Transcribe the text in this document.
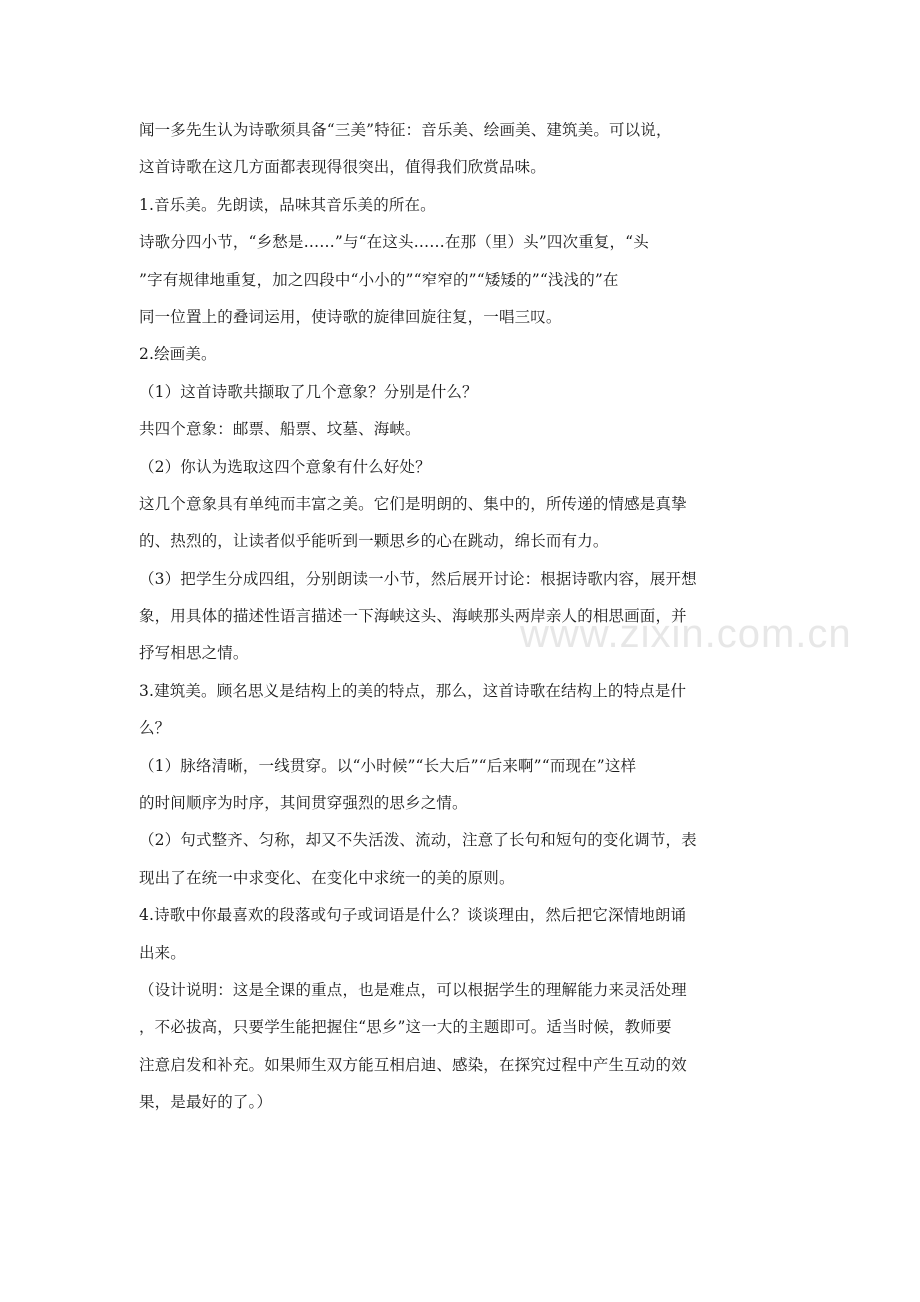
闻一多先生认为诗歌须具备“三美”特征：音乐美、绘画美、建筑美。可以说，
这首诗歌在这几方面都表现得很突出，值得我们欣赏品味。
1.音乐美。先朗读，品味其音乐美的所在。
诗歌分四小节，“乡愁是……”与“在这头……在那（里）头”四次重复，“头
”字有规律地重复，加之四段中“小小的”“窄窄的”“矮矮的”“浅浅的”在
同一位置上的叠词运用，使诗歌的旋律回旋往复，一唱三叹。
2.绘画美。
（1）这首诗歌共撷取了几个意象？分别是什么？
共四个意象：邮票、船票、坟墓、海峡。
（2）你认为选取这四个意象有什么好处？
这几个意象具有单纯而丰富之美。它们是明朗的、集中的，所传递的情感是真挚
的、热烈的，让读者似乎能听到一颗思乡的心在跳动，绵长而有力。
（3）把学生分成四组，分别朗读一小节，然后展开讨论：根据诗歌内容，展开想
象，用具体的描述性语言描述一下海峡这头、海峡那头两岸亲人的相思画面，并
抒写相思之情。
3.建筑美。顾名思义是结构上的美的特点，那么，这首诗歌在结构上的特点是什
么？
（1）脉络清晰，一线贯穿。以“小时候”“长大后”“后来啊”“而现在”这样
的时间顺序为时序，其间贯穿强烈的思乡之情。
（2）句式整齐、匀称，却又不失活泼、流动，注意了长句和短句的变化调节，表
现出了在统一中求变化、在变化中求统一的美的原则。
4.诗歌中你最喜欢的段落或句子或词语是什么？谈谈理由，然后把它深情地朗诵
出来。
（设计说明：这是全课的重点，也是难点，可以根据学生的理解能力来灵活处理
，不必拔高，只要学生能把握住“思乡”这一大的主题即可。适当时候，教师要
注意启发和补充。如果师生双方能互相启迪、感染，在探究过程中产生互动的效
果，是最好的了。）
www.zixin.com.cn
